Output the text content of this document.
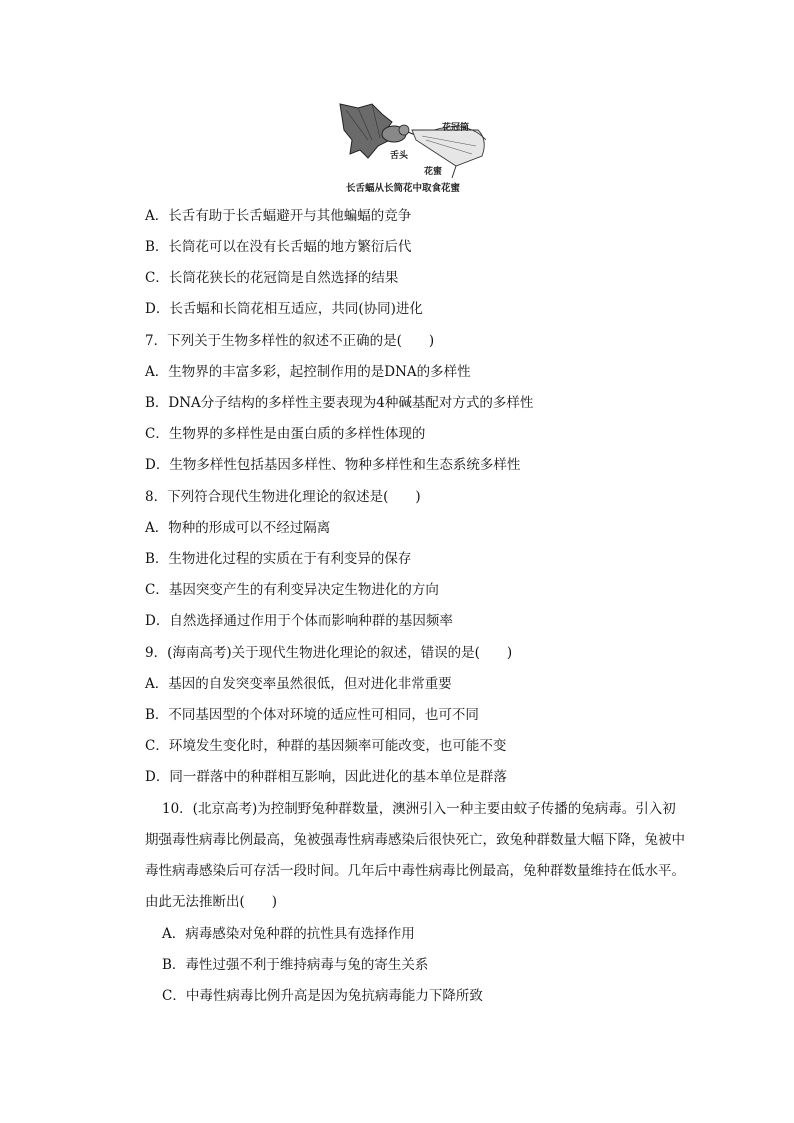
花冠筒
舌头
花蜜
长舌蝠从长筒花中取食花蜜
A．长舌有助于长舌蝠避开与其他蝙蝠的竞争
B．长筒花可以在没有长舌蝠的地方繁衍后代
C．长筒花狭长的花冠筒是自然选择的结果
D．长舌蝠和长筒花相互适应，共同(协同)进化
7．下列关于生物多样性的叙述不正确的是(　　)
A．生物界的丰富多彩，起控制作用的是DNA的多样性
B．DNA分子结构的多样性主要表现为4种碱基配对方式的多样性
C．生物界的多样性是由蛋白质的多样性体现的
D．生物多样性包括基因多样性、物种多样性和生态系统多样性
8．下列符合现代生物进化理论的叙述是(　　)
A．物种的形成可以不经过隔离
B．生物进化过程的实质在于有利变异的保存
C．基因突变产生的有利变异决定生物进化的方向
D．自然选择通过作用于个体而影响种群的基因频率
9．(海南高考)关于现代生物进化理论的叙述，错误的是(　　)
A．基因的自发突变率虽然很低，但对进化非常重要
B．不同基因型的个体对环境的适应性可相同，也可不同
C．环境发生变化时，种群的基因频率可能改变，也可能不变
D．同一群落中的种群相互影响，因此进化的基本单位是群落
10．(北京高考)为控制野兔种群数量，澳洲引入一种主要由蚊子传播的兔病毒。引入初
期强毒性病毒比例最高，兔被强毒性病毒感染后很快死亡，致兔种群数量大幅下降，兔被中
毒性病毒感染后可存活一段时间。几年后中毒性病毒比例最高，兔种群数量维持在低水平。
由此无法推断出(　　)
A．病毒感染对兔种群的抗性具有选择作用
B．毒性过强不利于维持病毒与兔的寄生关系
C．中毒性病毒比例升高是因为兔抗病毒能力下降所致
